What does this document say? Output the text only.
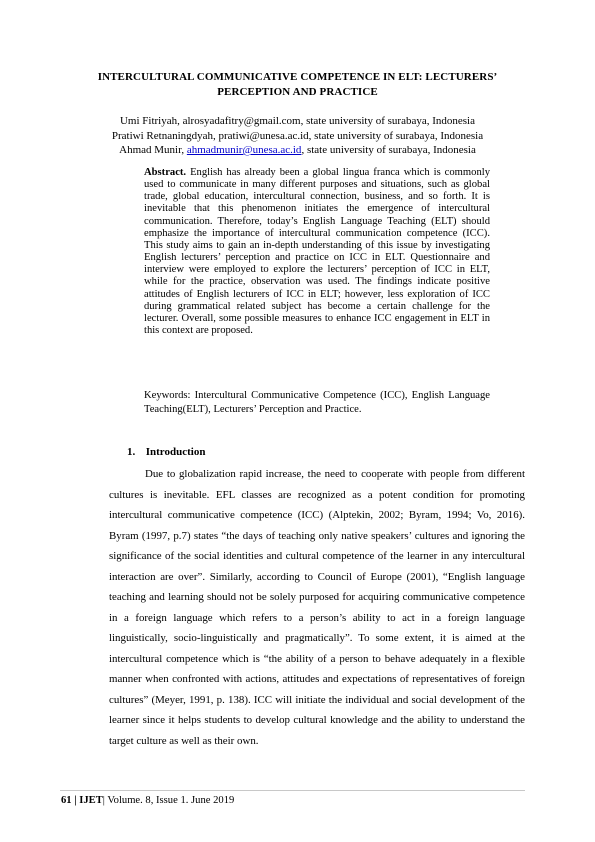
INTERCULTURAL COMMUNICATIVE COMPETENCE IN ELT: LECTURERS’
PERCEPTION AND PRACTICE
Umi Fitriyah, alrosyadafitry@gmail.com, state university of surabaya, Indonesia
Pratiwi Retnaningdyah, pratiwi@unesa.ac.id, state university of surabaya, Indonesia
Ahmad Munir, ahmadmunir@unesa.ac.id, state university of surabaya, Indonesia

Abstract. English has already been a global lingua franca which is commonly used to communicate in many different purposes and situations, such as global trade, global education, intercultural connection, business, and so forth. It is inevitable that this phenomenon initiates the emergence of intercultural communication. Therefore, today’s English Language Teaching (ELT) should emphasize the importance of intercultural communication competence (ICC). This study aims to gain an in-depth understanding of this issue by investigating English lecturers’ perception and practice on ICC in ELT. Questionnaire and interview were employed to explore the lecturers’ perception of ICC in ELT, while for the practice, observation was used. The findings indicate positive attitudes of English lecturers of ICC in ELT; however, less exploration of ICC during grammatical related subject has become a certain challenge for the lecturer. Overall, some possible measures to enhance ICC engagement in ELT in this context are proposed.

Keywords: Intercultural Communicative Competence (ICC), English Language Teaching(ELT), Lecturers’ Perception and Practice.
1. Introduction

Due to globalization rapid increase, the need to cooperate with people from different cultures is inevitable. EFL classes are recognized as a potent condition for promoting intercultural communicative competence (ICC) (Alptekin, 2002; Byram, 1994; Vo, 2016). Byram (1997, p.7) states “the days of teaching only native speakers’ cultures and ignoring the significance of the social identities and cultural competence of the learner in any intercultural interaction are over”. Similarly, according to Council of Europe (2001), “English language teaching and learning should not be solely purposed for acquiring communicative competence in a foreign language which refers to a person’s ability to act in a foreign language linguistically, socio-linguistically and pragmatically”. To some extent, it is aimed at the intercultural competence which is “the ability of a person to behave adequately in a flexible manner when confronted with actions, attitudes and expectations of representatives of foreign cultures” (Meyer, 1991, p. 138). ICC will initiate the individual and social development of the learner since it helps students to develop cultural knowledge and the ability to understand the target culture as well as their own.

61 | IJET| Volume. 8, Issue 1. June 2019
